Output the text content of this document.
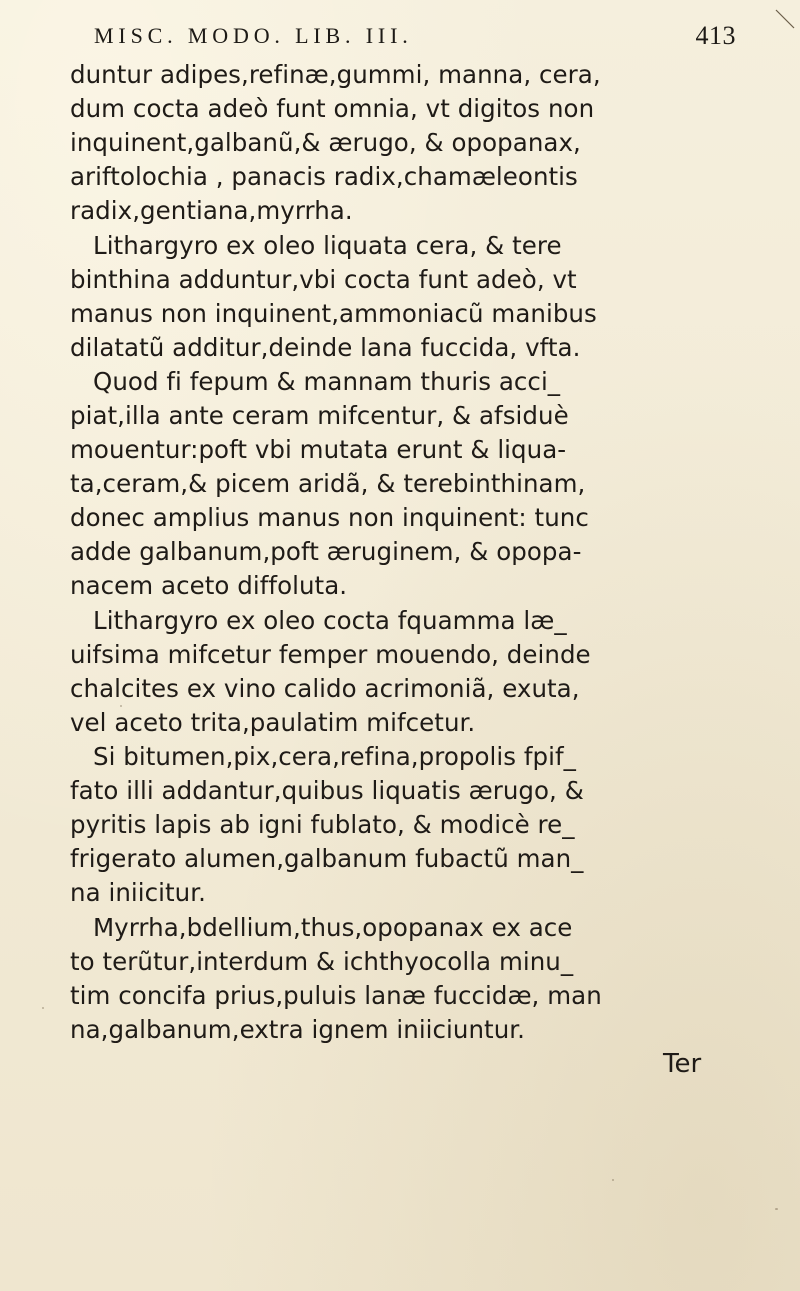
MISC. MODO. LIB. III.	413
duntur adipes,refinæ,gummi, manna, cera,
dum cocta adeò funt omnia, vt digitos non
inquinent,galbanũ,& ærugo, & opopanax,
ariftolochia , panacis radix,chamæleontis
radix,gentiana,myrrha.
Lithargyro ex oleo liquata cera, & tere
binthina adduntur,vbi cocta funt adeò, vt
manus non inquinent,ammoniacũ manibus
dilatatũ additur,deinde lana fuccida, vfta.
Quod fi fepum & mannam thuris acci_
piat,illa ante ceram mifcentur, & afsiduè
mouentur:poft vbi mutata erunt & liqua-
ta,ceram,& picem aridã, & terebinthinam,
donec amplius manus non inquinent: tunc
adde galbanum,poft æruginem, & opopa-
nacem aceto diffoluta.
Lithargyro ex oleo cocta fquamma læ_
uifsima mifcetur femper mouendo, deinde
chalcites ex vino calido acrimoniã, exuta,
vel aceto trita,paulatim mifcetur.
Si bitumen,pix,cera,refina,propolis fpif_
fato illi addantur,quibus liquatis ærugo, &
pyritis lapis ab igni fublato, & modicè re_
frigerato alumen,galbanum fubactũ man_
na iniicitur.
Myrrha,bdellium,thus,opopanax ex ace
to terũtur,interdum & ichthyocolla minu_
tim concifa prius,puluis lanæ fuccidæ, man
na,galbanum,extra ignem iniiciuntur.
Ter
